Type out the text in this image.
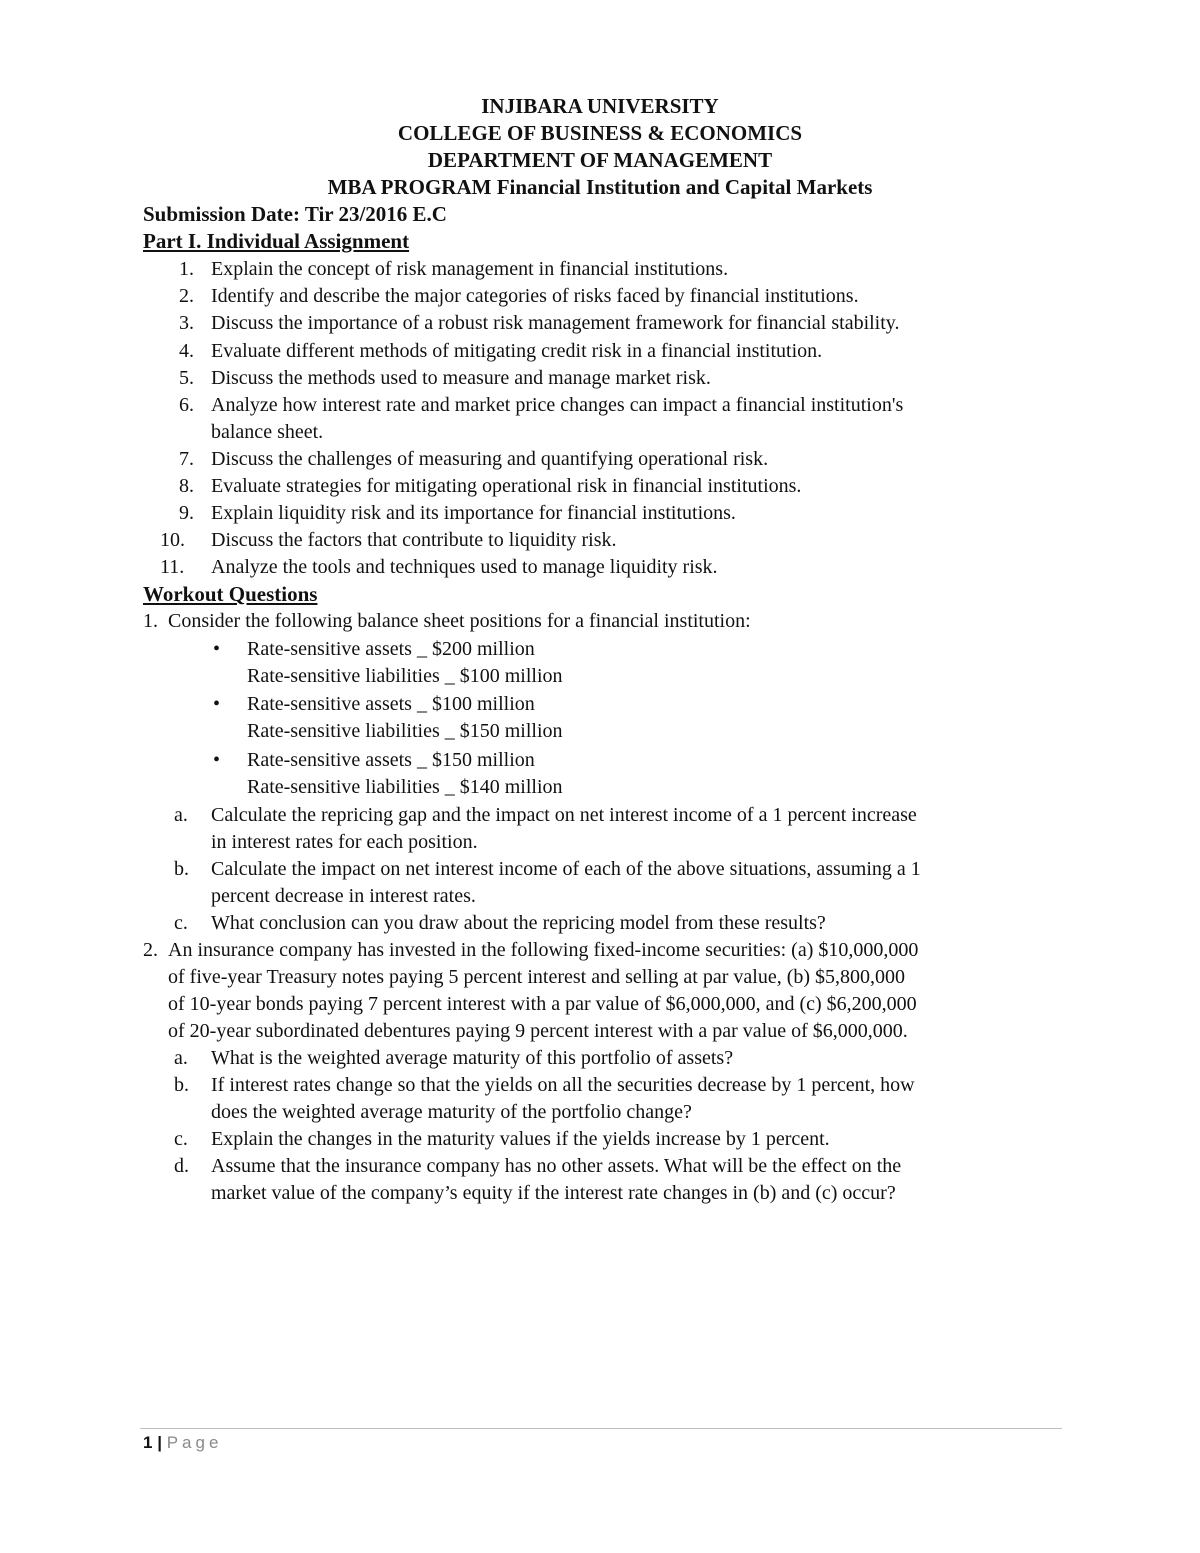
INJIBARA UNIVERSITY
COLLEGE OF BUSINESS & ECONOMICS
DEPARTMENT OF MANAGEMENT
MBA PROGRAM Financial Institution and Capital Markets
Submission Date: Tir 23/2016 E.C
Part I. Individual Assignment
1. Explain the concept of risk management in financial institutions.
2. Identify and describe the major categories of risks faced by financial institutions.
3. Discuss the importance of a robust risk management framework for financial stability.
4. Evaluate different methods of mitigating credit risk in a financial institution.
5. Discuss the methods used to measure and manage market risk.
6. Analyze how interest rate and market price changes can impact a financial institution's
balance sheet.
7. Discuss the challenges of measuring and quantifying operational risk.
8. Evaluate strategies for mitigating operational risk in financial institutions.
9. Explain liquidity risk and its importance for financial institutions.
10. Discuss the factors that contribute to liquidity risk.
11. Analyze the tools and techniques used to manage liquidity risk.
Workout Questions
1. Consider the following balance sheet positions for a financial institution:
• Rate-sensitive assets _ $200 million
Rate-sensitive liabilities _ $100 million
• Rate-sensitive assets _ $100 million
Rate-sensitive liabilities _ $150 million
• Rate-sensitive assets _ $150 million
Rate-sensitive liabilities _ $140 million
a. Calculate the repricing gap and the impact on net interest income of a 1 percent increase
in interest rates for each position.
b. Calculate the impact on net interest income of each of the above situations, assuming a 1
percent decrease in interest rates.
c. What conclusion can you draw about the repricing model from these results?
2. An insurance company has invested in the following fixed-income securities: (a) $10,000,000
of five-year Treasury notes paying 5 percent interest and selling at par value, (b) $5,800,000
of 10-year bonds paying 7 percent interest with a par value of $6,000,000, and (c) $6,200,000
of 20-year subordinated debentures paying 9 percent interest with a par value of $6,000,000.
a. What is the weighted average maturity of this portfolio of assets?
b. If interest rates change so that the yields on all the securities decrease by 1 percent, how
does the weighted average maturity of the portfolio change?
c. Explain the changes in the maturity values if the yields increase by 1 percent.
d. Assume that the insurance company has no other assets. What will be the effect on the
market value of the company’s equity if the interest rate changes in (b) and (c) occur?
1 | Page
